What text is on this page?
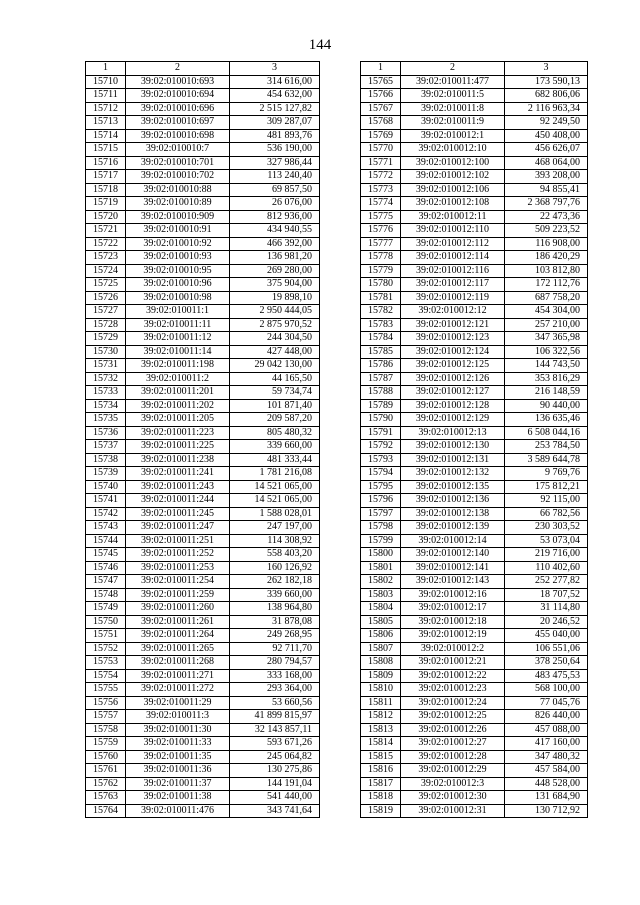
144
1	2	3
15710	39:02:010010:693	314 616,00
15711	39:02:010010:694	454 632,00
15712	39:02:010010:696	2 515 127,82
15713	39:02:010010:697	309 287,07
15714	39:02:010010:698	481 893,76
15715	39:02:010010:7	536 190,00
15716	39:02:010010:701	327 986,44
15717	39:02:010010:702	113 240,40
15718	39:02:010010:88	69 857,50
15719	39:02:010010:89	26 076,00
15720	39:02:010010:909	812 936,00
15721	39:02:010010:91	434 940,55
15722	39:02:010010:92	466 392,00
15723	39:02:010010:93	136 981,20
15724	39:02:010010:95	269 280,00
15725	39:02:010010:96	375 904,00
15726	39:02:010010:98	19 898,10
15727	39:02:010011:1	2 950 444,05
15728	39:02:010011:11	2 875 970,52
15729	39:02:010011:12	244 304,50
15730	39:02:010011:14	427 448,00
15731	39:02:010011:198	29 042 130,00
15732	39:02:010011:2	44 165,50
15733	39:02:010011:201	59 734,74
15734	39:02:010011:202	101 871,40
15735	39:02:010011:205	209 587,20
15736	39:02:010011:223	805 480,32
15737	39:02:010011:225	339 660,00
15738	39:02:010011:238	481 333,44
15739	39:02:010011:241	1 781 216,08
15740	39:02:010011:243	14 521 065,00
15741	39:02:010011:244	14 521 065,00
15742	39:02:010011:245	1 588 028,01
15743	39:02:010011:247	247 197,00
15744	39:02:010011:251	114 308,92
15745	39:02:010011:252	558 403,20
15746	39:02:010011:253	160 126,92
15747	39:02:010011:254	262 182,18
15748	39:02:010011:259	339 660,00
15749	39:02:010011:260	138 964,80
15750	39:02:010011:261	31 878,08
15751	39:02:010011:264	249 268,95
15752	39:02:010011:265	92 711,70
15753	39:02:010011:268	280 794,57
15754	39:02:010011:271	333 168,00
15755	39:02:010011:272	293 364,00
15756	39:02:010011:29	53 660,56
15757	39:02:010011:3	41 899 815,97
15758	39:02:010011:30	32 143 857,11
15759	39:02:010011:33	593 671,26
15760	39:02:010011:35	245 064,82
15761	39:02:010011:36	130 275,86
15762	39:02:010011:37	144 191,04
15763	39:02:010011:38	541 440,00
15764	39:02:010011:476	343 741,64
1	2	3
15765	39:02:010011:477	173 590,13
15766	39:02:010011:5	682 806,06
15767	39:02:010011:8	2 116 963,34
15768	39:02:010011:9	92 249,50
15769	39:02:010012:1	450 408,00
15770	39:02:010012:10	456 626,07
15771	39:02:010012:100	468 064,00
15772	39:02:010012:102	393 208,00
15773	39:02:010012:106	94 855,41
15774	39:02:010012:108	2 368 797,76
15775	39:02:010012:11	22 473,36
15776	39:02:010012:110	509 223,52
15777	39:02:010012:112	116 908,00
15778	39:02:010012:114	186 420,29
15779	39:02:010012:116	103 812,80
15780	39:02:010012:117	172 112,76
15781	39:02:010012:119	687 758,20
15782	39:02:010012:12	454 304,00
15783	39:02:010012:121	257 210,00
15784	39:02:010012:123	347 365,98
15785	39:02:010012:124	106 322,56
15786	39:02:010012:125	144 743,50
15787	39:02:010012:126	353 816,29
15788	39:02:010012:127	216 148,59
15789	39:02:010012:128	90 440,00
15790	39:02:010012:129	136 635,46
15791	39:02:010012:13	6 508 044,16
15792	39:02:010012:130	253 784,50
15793	39:02:010012:131	3 589 644,78
15794	39:02:010012:132	9 769,76
15795	39:02:010012:135	175 812,21
15796	39:02:010012:136	92 115,00
15797	39:02:010012:138	66 782,56
15798	39:02:010012:139	230 303,52
15799	39:02:010012:14	53 073,04
15800	39:02:010012:140	219 716,00
15801	39:02:010012:141	110 402,60
15802	39:02:010012:143	252 277,82
15803	39:02:010012:16	18 707,52
15804	39:02:010012:17	31 114,80
15805	39:02:010012:18	20 246,52
15806	39:02:010012:19	455 040,00
15807	39:02:010012:2	106 551,06
15808	39:02:010012:21	378 250,64
15809	39:02:010012:22	483 475,53
15810	39:02:010012:23	568 100,00
15811	39:02:010012:24	77 045,76
15812	39:02:010012:25	826 440,00
15813	39:02:010012:26	457 088,00
15814	39:02:010012:27	417 160,00
15815	39:02:010012:28	347 480,32
15816	39:02:010012:29	457 584,00
15817	39:02:010012:3	448 528,00
15818	39:02:010012:30	131 684,90
15819	39:02:010012:31	130 712,92
